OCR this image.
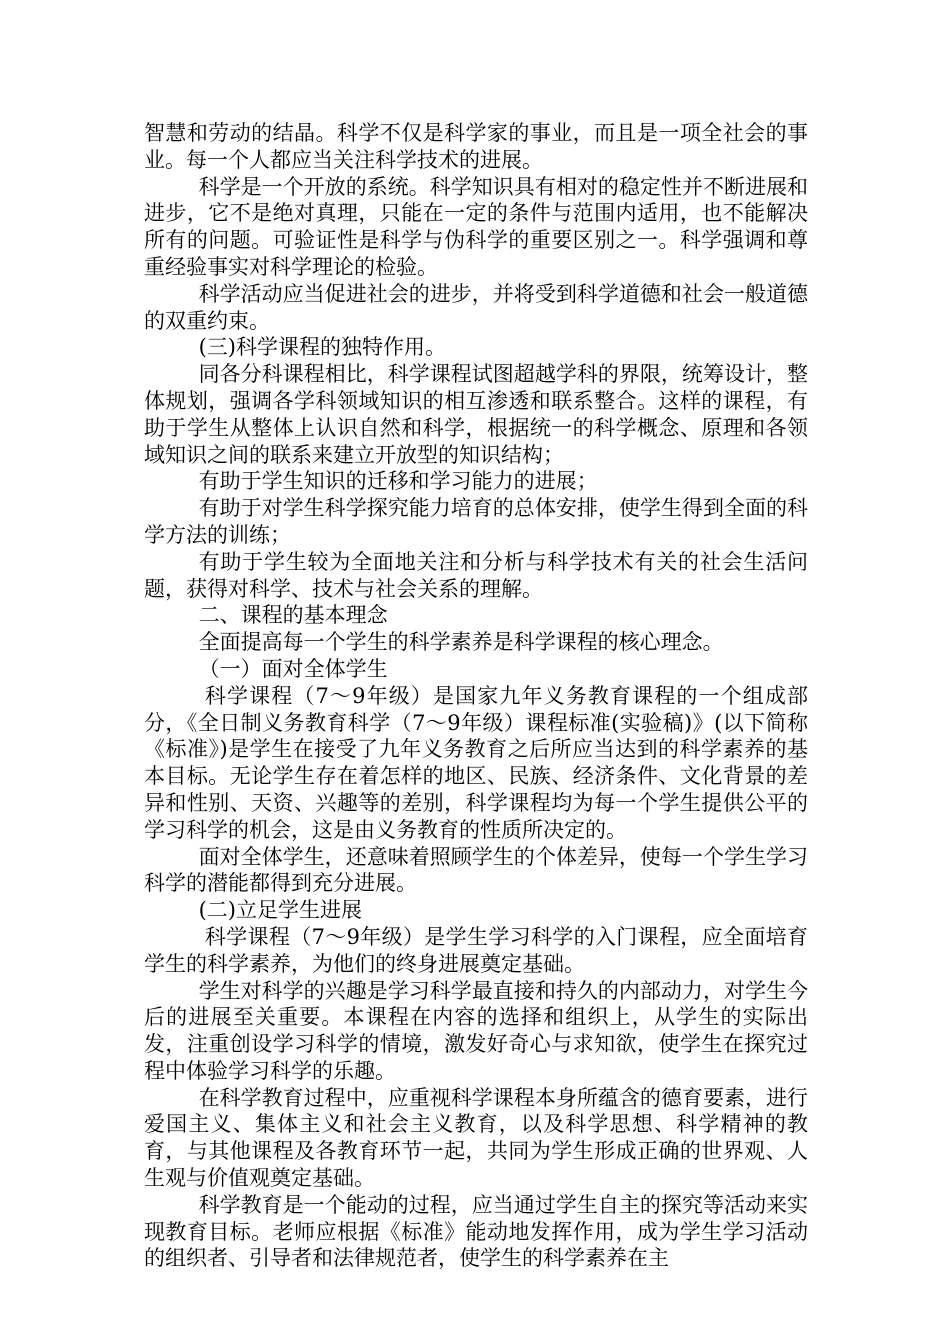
智慧和劳动的结晶。科学不仅是科学家的事业，而且是一项全社会的事业。每一个人都应当关注科学技术的进展。

科学是一个开放的系统。科学知识具有相对的稳定性并不断进展和进步，它不是绝对真理，只能在一定的条件与范围内适用，也不能解决所有的问题。可验证性是科学与伪科学的重要区别之一。科学强调和尊重经验事实对科学理论的检验。

科学活动应当促进社会的进步，并将受到科学道德和社会一般道德的双重约束。

(三)科学课程的独特作用。

同各分科课程相比，科学课程试图超越学科的界限，统筹设计，整体规划，强调各学科领域知识的相互渗透和联系整合。这样的课程，有助于学生从整体上认识自然和科学，根据统一的科学概念、原理和各领域知识之间的联系来建立开放型的知识结构；

有助于学生知识的迁移和学习能力的进展；

有助于对学生科学探究能力培育的总体安排，使学生得到全面的科学方法的训练；

有助于学生较为全面地关注和分析与科学技术有关的社会生活问题，获得对科学、技术与社会关系的理解。

二、课程的基本理念

全面提高每一个学生的科学素养是科学课程的核心理念。

（一）面对全体学生

科学课程（7～9年级）是国家九年义务教育课程的一个组成部分，《全日制义务教育科学（7～9年级）课程标准(实验稿)》(以下简称《标准》)是学生在接受了九年义务教育之后所应当达到的科学素养的基本目标。无论学生存在着怎样的地区、民族、经济条件、文化背景的差异和性别、天资、兴趣等的差别，科学课程均为每一个学生提供公平的学习科学的机会，这是由义务教育的性质所决定的。

面对全体学生，还意味着照顾学生的个体差异，使每一个学生学习科学的潜能都得到充分进展。

(二)立足学生进展

科学课程（7～9年级）是学生学习科学的入门课程，应全面培育学生的科学素养，为他们的终身进展奠定基础。

学生对科学的兴趣是学习科学最直接和持久的内部动力，对学生今后的进展至关重要。本课程在内容的选择和组织上，从学生的实际出发，注重创设学习科学的情境，激发好奇心与求知欲，使学生在探究过程中体验学习科学的乐趣。

在科学教育过程中，应重视科学课程本身所蕴含的德育要素，进行爱国主义、集体主义和社会主义教育，以及科学思想、科学精神的教育，与其他课程及各教育环节一起，共同为学生形成正确的世界观、人生观与价值观奠定基础。

科学教育是一个能动的过程，应当通过学生自主的探究等活动来实现教育目标。老师应根据《标准》能动地发挥作用，成为学生学习活动的组织者、引导者和法律规范者，使学生的科学素养在主
